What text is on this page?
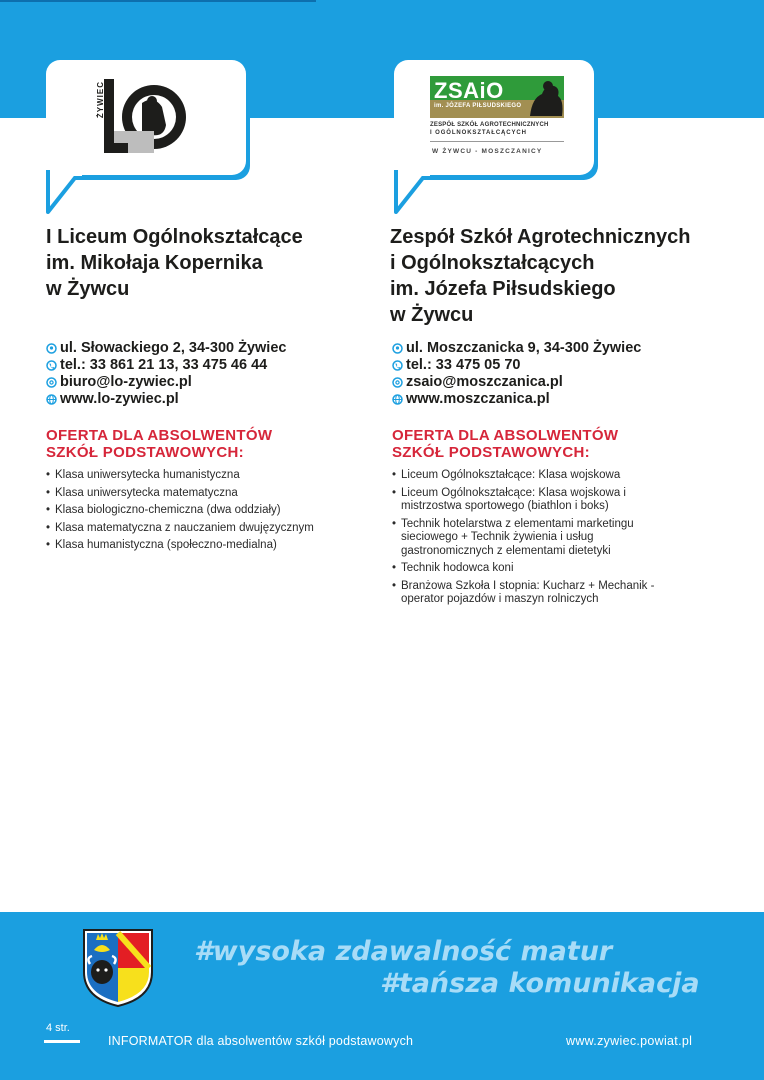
ŻYWIEC	ZSAiO
im. JÓZEFA PIŁSUDSKIEGO
ZESPÓŁ SZKÓŁ AGROTECHNICZNYCH
I OGÓLNOKSZTAŁCĄCYCH
W ŻYWCU - MOSZCZANICY
I Liceum Ogólnokształcące
im. Mikołaja Kopernika
w Żywcu
ul. Słowackiego 2, 34-300 Żywiec
tel.: 33 861 21 13, 33 475 46 44
biuro@lo-zywiec.pl
www.lo-zywiec.pl
OFERTA DLA ABSOLWENTÓW
SZKÓŁ PODSTAWOWYCH:
• Klasa uniwersytecka humanistyczna
• Klasa uniwersytecka matematyczna
• Klasa biologiczno-chemiczna (dwa oddziały)
• Klasa matematyczna z nauczaniem dwujęzycznym
• Klasa humanistyczna (społeczno-medialna)
Zespół Szkół Agrotechnicznych
i Ogólnokształcących
im. Józefa Piłsudskiego
w Żywcu
ul. Moszczanicka 9, 34-300 Żywiec
tel.: 33 475 05 70
zsaio@moszczanica.pl
www.moszczanica.pl
OFERTA DLA ABSOLWENTÓW
SZKÓŁ PODSTAWOWYCH:
• Liceum Ogólnokształcące: Klasa wojskowa
• Liceum Ogólnokształcące: Klasa wojskowa i
mistrzostwa sportowego (biathlon i boks)
• Technik hotelarstwa z elementami marketingu
sieciowego + Technik żywienia i usług
gastronomicznych z elementami dietetyki
• Technik hodowca koni
• Branżowa Szkoła I stopnia: Kucharz + Mechanik -
operator pojazdów i maszyn rolniczych
#wysoka zdawalność matur
#tańsza komunikacja
4 str.
INFORMATOR dla absolwentów szkół podstawowych	www.zywiec.powiat.pl
